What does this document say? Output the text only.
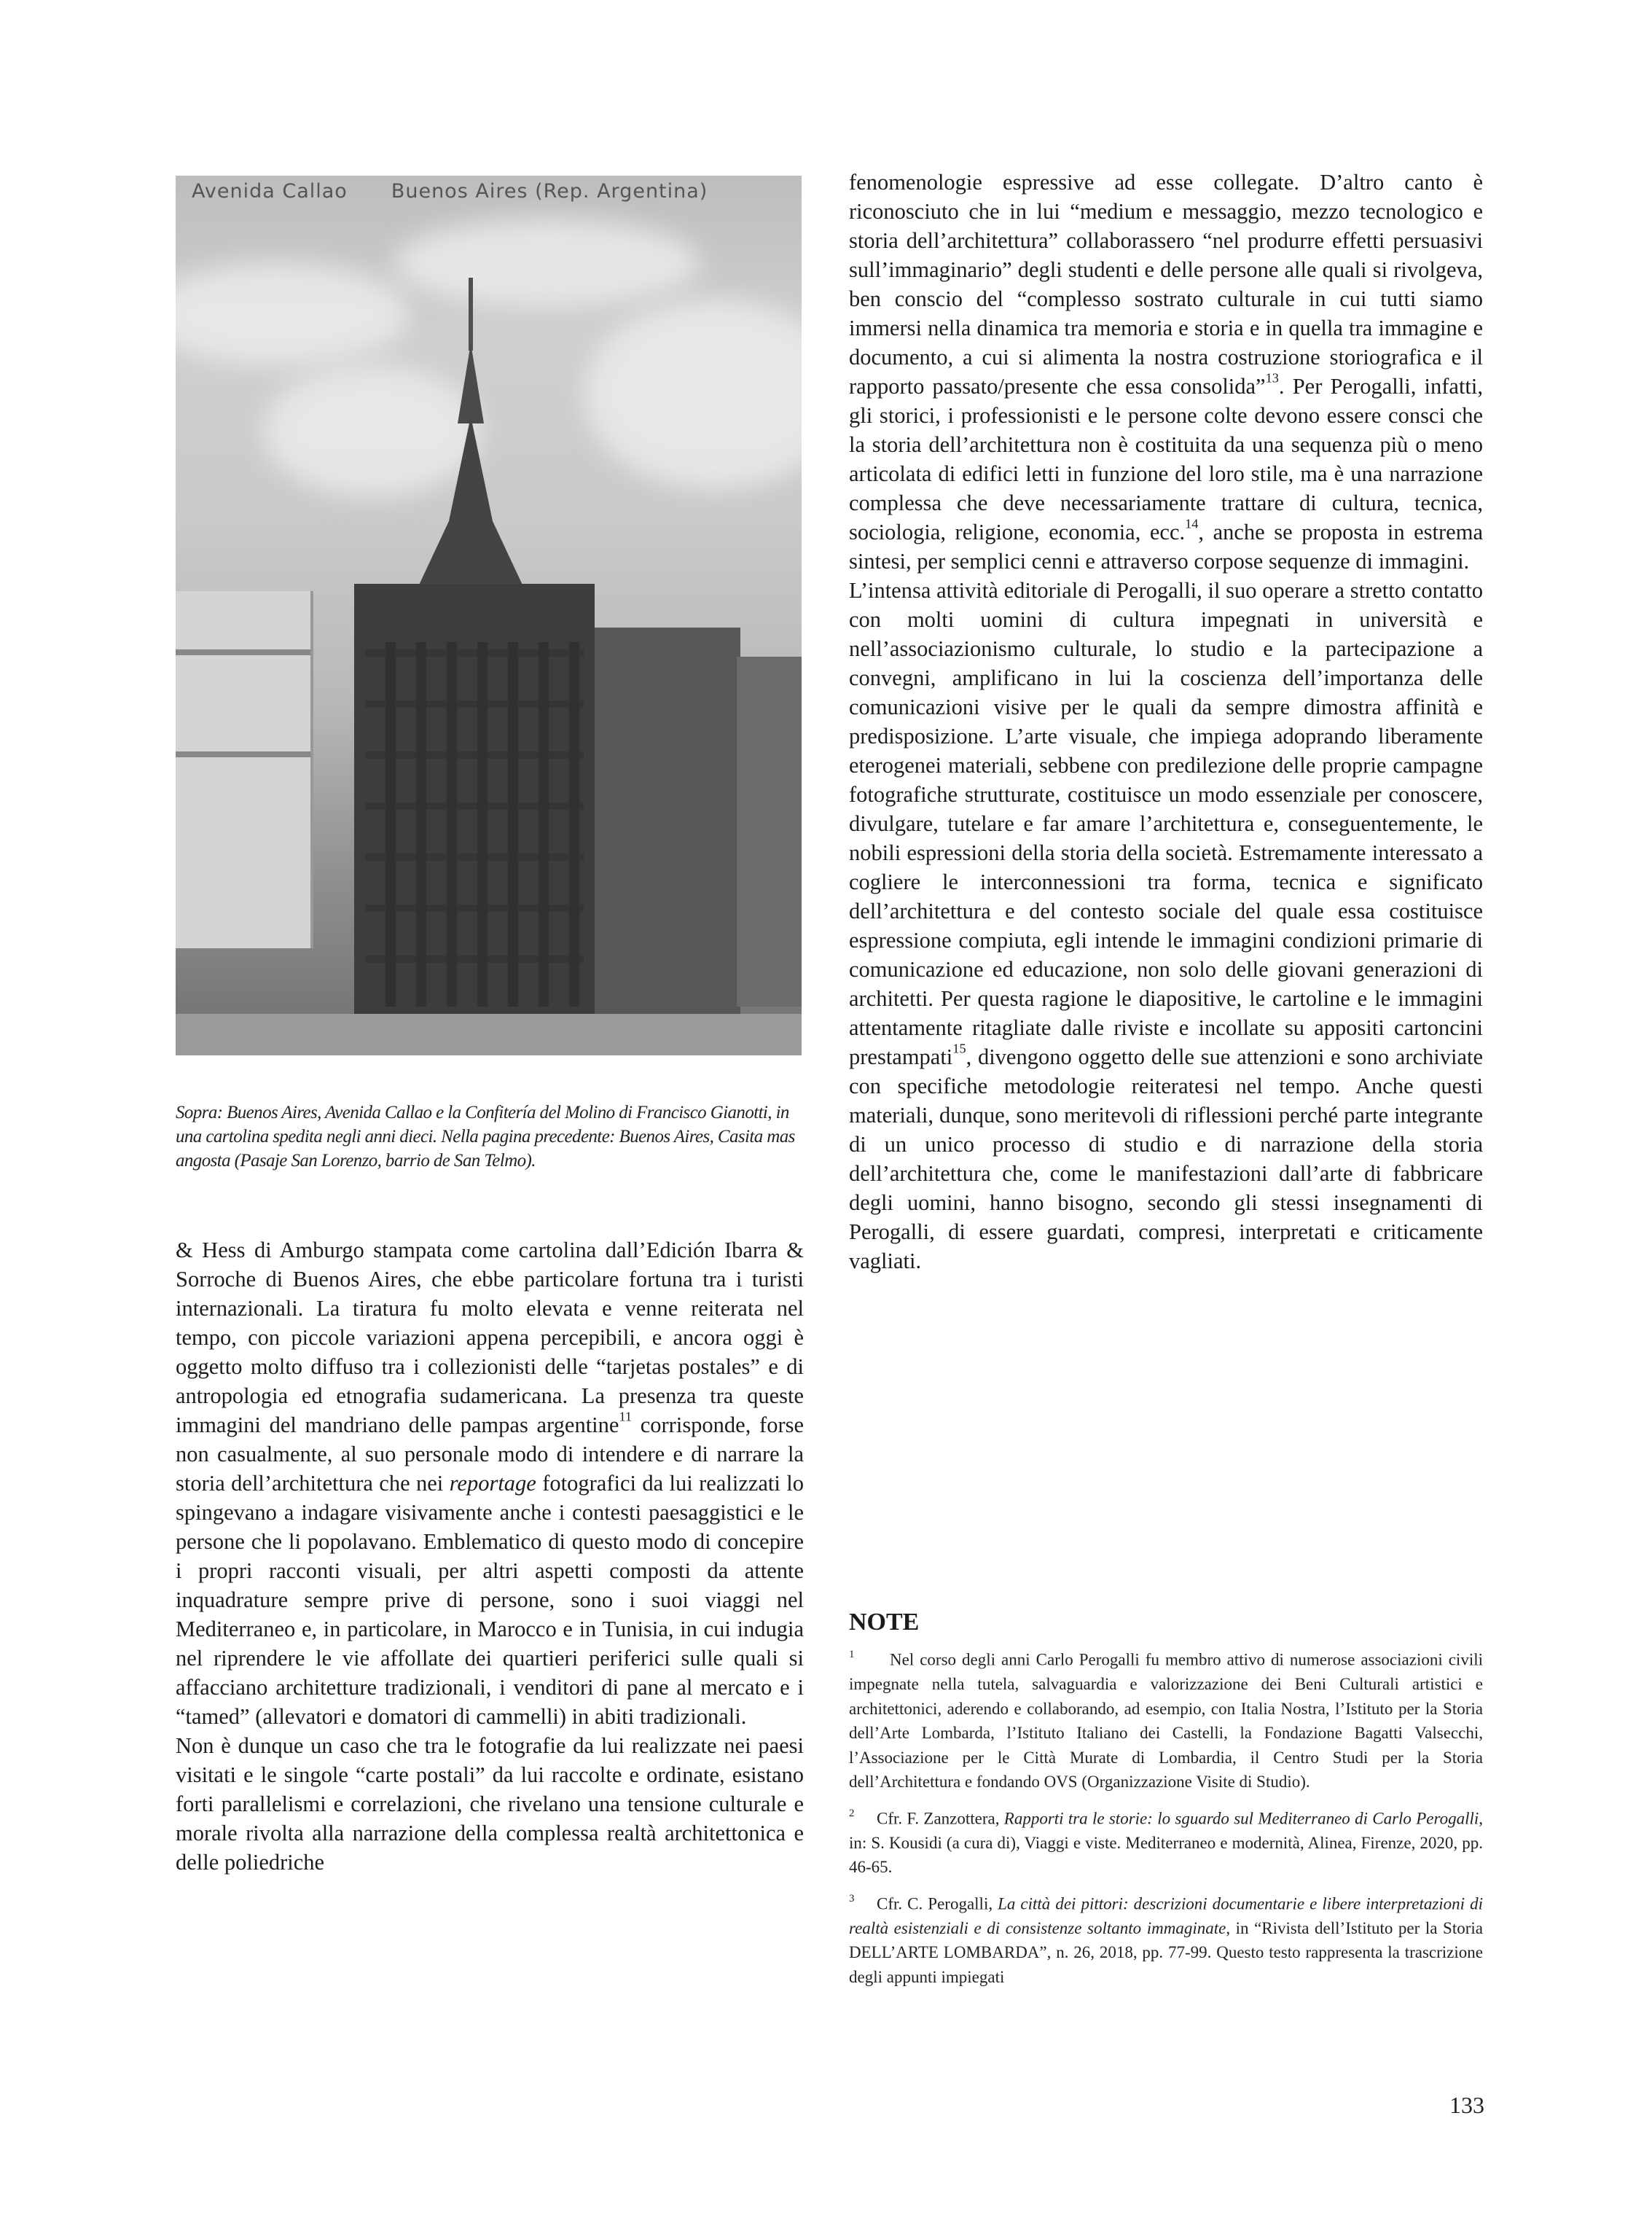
Avenida Callao Buenos Aires (Rep. Argentina)
Sopra: Buenos Aires, Avenida Callao e la Confitería del Molino di Francisco Gianotti, in una cartolina spedita negli anni dieci. Nella pagina precedente: Buenos Aires, Casita mas angosta (Pasaje San Lorenzo, barrio de San Telmo).

& Hess di Amburgo stampata come cartolina dall’Edición Ibarra & Sorroche di Buenos Aires, che ebbe particolare fortuna tra i turisti internazionali. La tiratura fu molto elevata e venne reiterata nel tempo, con piccole variazioni appena percepibili, e ancora oggi è oggetto molto diffuso tra i collezionisti delle “tarjetas postales” e di antropologia ed etnografia sudamericana. La presenza tra queste immagini del mandriano delle pampas argentine$^{11}$ corrisponde, forse non casualmente, al suo personale modo di intendere e di narrare la storia dell’architettura che nei reportage fotografici da lui realizzati lo spingevano a indagare visivamente anche i contesti paesaggistici e le persone che li popolavano. Emblematico di questo modo di concepire i propri racconti visuali, per altri aspetti composti da attente inquadrature sempre prive di persone, sono i suoi viaggi nel Mediterraneo e, in particolare, in Marocco e in Tunisia, in cui indugia nel riprendere le vie affollate dei quartieri periferici sulle quali si affacciano architetture tradizionali, i venditori di pane al mercato e i “tamed” (allevatori e domatori di cammelli) in abiti tradizionali.

Non è dunque un caso che tra le fotografie da lui realizzate nei paesi visitati e le singole “carte postali” da lui raccolte e ordinate, esistano forti parallelismi e correlazioni, che rivelano una tensione culturale e morale rivolta alla narrazione della complessa realtà architettonica e delle poliedriche

fenomenologie espressive ad esse collegate. D’altro canto è riconosciuto che in lui “medium e messaggio, mezzo tecnologico e storia dell’architettura” collaborassero “nel produrre effetti persuasivi sull’immaginario” degli studenti e delle persone alle quali si rivolgeva, ben conscio del “complesso sostrato culturale in cui tutti siamo immersi nella dinamica tra memoria e storia e in quella tra immagine e documento, a cui si alimenta la nostra costruzione storiografica e il rapporto passato/presente che essa consolida”$^{13}$. Per Perogalli, infatti, gli storici, i professionisti e le persone colte devono essere consci che la storia dell’architettura non è costituita da una sequenza più o meno articolata di edifici letti in funzione del loro stile, ma è una narrazione complessa che deve necessariamente trattare di cultura, tecnica, sociologia, religione, economia, ecc.$^{14}$, anche se proposta in estrema sintesi, per semplici cenni e attraverso corpose sequenze di immagini.

L’intensa attività editoriale di Perogalli, il suo operare a stretto contatto con molti uomini di cultura impegnati in università e nell’associazionismo culturale, lo studio e la partecipazione a convegni, amplificano in lui la coscienza dell’importanza delle comunicazioni visive per le quali da sempre dimostra affinità e predisposizione. L’arte visuale, che impiega adoprando liberamente eterogenei materiali, sebbene con predilezione delle proprie campagne fotografiche strutturate, costituisce un modo essenziale per conoscere, divulgare, tutelare e far amare l’architettura e, conseguentemente, le nobili espressioni della storia della società. Estremamente interessato a cogliere le interconnessioni tra forma, tecnica e significato dell’architettura e del contesto sociale del quale essa costituisce espressione compiuta, egli intende le immagini condizioni primarie di comunicazione ed educazione, non solo delle giovani generazioni di architetti. Per questa ragione le diapositive, le cartoline e le immagini attentamente ritagliate dalle riviste e incollate su appositi cartoncini prestampati$^{15}$, divengono oggetto delle sue attenzioni e sono archiviate con specifiche metodologie reiteratesi nel tempo. Anche questi materiali, dunque, sono meritevoli di riflessioni perché parte integrante di un unico processo di studio e di narrazione della storia dell’architettura che, come le manifestazioni dall’arte di fabbricare degli uomini, hanno bisogno, secondo gli stessi insegnamenti di Perogalli, di essere guardati, compresi, interpretati e criticamente vagliati.

NOTE
1 Nel corso degli anni Carlo Perogalli fu membro attivo di numerose associazioni civili impegnate nella tutela, salvaguardia e valorizzazione dei Beni Culturali artistici e architettonici, aderendo e collaborando, ad esempio, con Italia Nostra, l’Istituto per la Storia dell’Arte Lombarda, l’Istituto Italiano dei Castelli, la Fondazione Bagatti Valsecchi, l’Associazione per le Città Murate di Lombardia, il Centro Studi per la Storia dell’Architettura e fondando OVS (Organizzazione Visite di Studio).
2 Cfr. F. Zanzottera, Rapporti tra le storie: lo sguardo sul Mediterraneo di Carlo Perogalli, in: S. Kousidi (a cura di), Viaggi e viste. Mediterraneo e modernità, Alinea, Firenze, 2020, pp. 46-65.
3 Cfr. C. Perogalli, La città dei pittori: descrizioni documentarie e libere interpretazioni di realtà esistenziali e di consistenze soltanto immaginate, in “Rivista dell’Istituto per la Storia DELL’ARTE LOMBARDA”, n. 26, 2018, pp. 77-99. Questo testo rappresenta la trascrizione degli appunti impiegati
133
